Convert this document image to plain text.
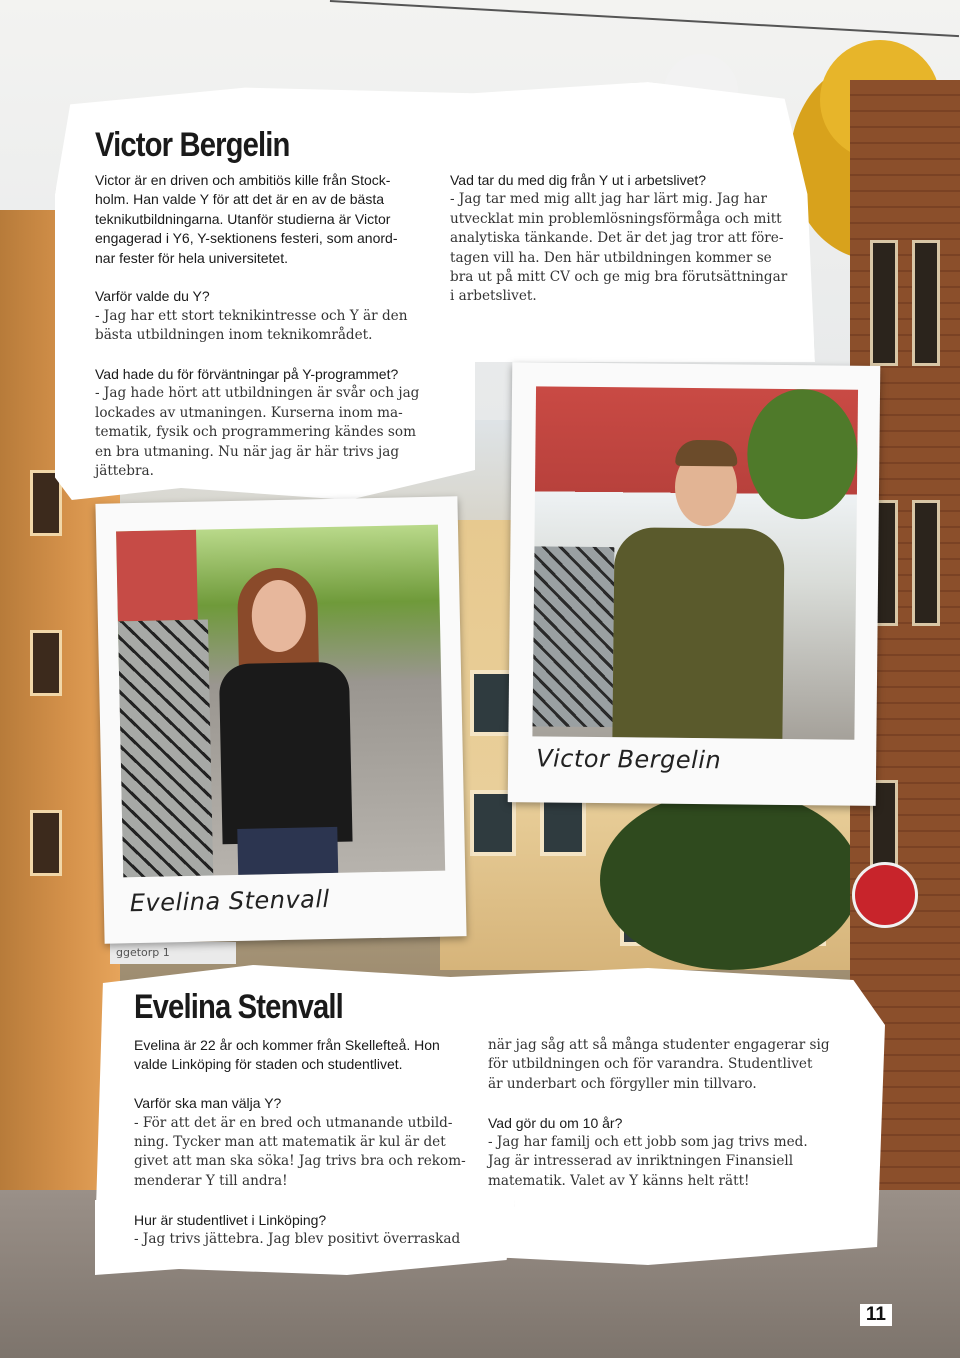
ggetorp 1
Victor Bergelin
Victor är en driven och ambitiös kille från Stock-
holm. Han valde Y för att det är en av de bästa
teknikutbildningarna. Utanför studierna är Victor
engagerad i Y6, Y-sektionens festeri, som anord-
nar fester för hela universitetet.
Varför valde du Y?
- Jag har ett stort teknikintresse och Y är den
bästa utbildningen inom teknikområdet.
Vad hade du för förväntningar på Y-programmet?
- Jag hade hört att utbildningen är svår och jag
lockades av utmaningen. Kurserna inom ma-
tematik, fysik och programmering kändes som
en bra utmaning. Nu när jag är här trivs jag
jättebra.
Vad tar du med dig från Y ut i arbetslivet?
- Jag tar med mig allt jag har lärt mig. Jag har
utvecklat min problemlösningsförmåga och mitt
analytiska tänkande. Det är det jag tror att före-
tagen vill ha. Den här utbildningen kommer se
bra ut på mitt CV och ge mig bra förutsättningar
i arbetslivet.
Victor Bergelin
Evelina Stenvall
Evelina Stenvall
Evelina är 22 år och kommer från Skellefteå. Hon
valde Linköping för staden och studentlivet.
Varför ska man välja Y?
- För att det är en bred och utmanande utbild-
ning. Tycker man att matematik är kul är det
givet att man ska söka! Jag trivs bra och rekom-
menderar Y till andra!
Hur är studentlivet i Linköping?
- Jag trivs jättebra. Jag blev positivt överraskad
när jag såg att så många studenter engagerar sig
för utbildningen och för varandra. Studentlivet
är underbart och förgyller min tillvaro.
Vad gör du om 10 år?
- Jag har familj och ett jobb som jag trivs med.
Jag är intresserad av inriktningen Finansiell
matematik. Valet av Y känns helt rätt!
11
